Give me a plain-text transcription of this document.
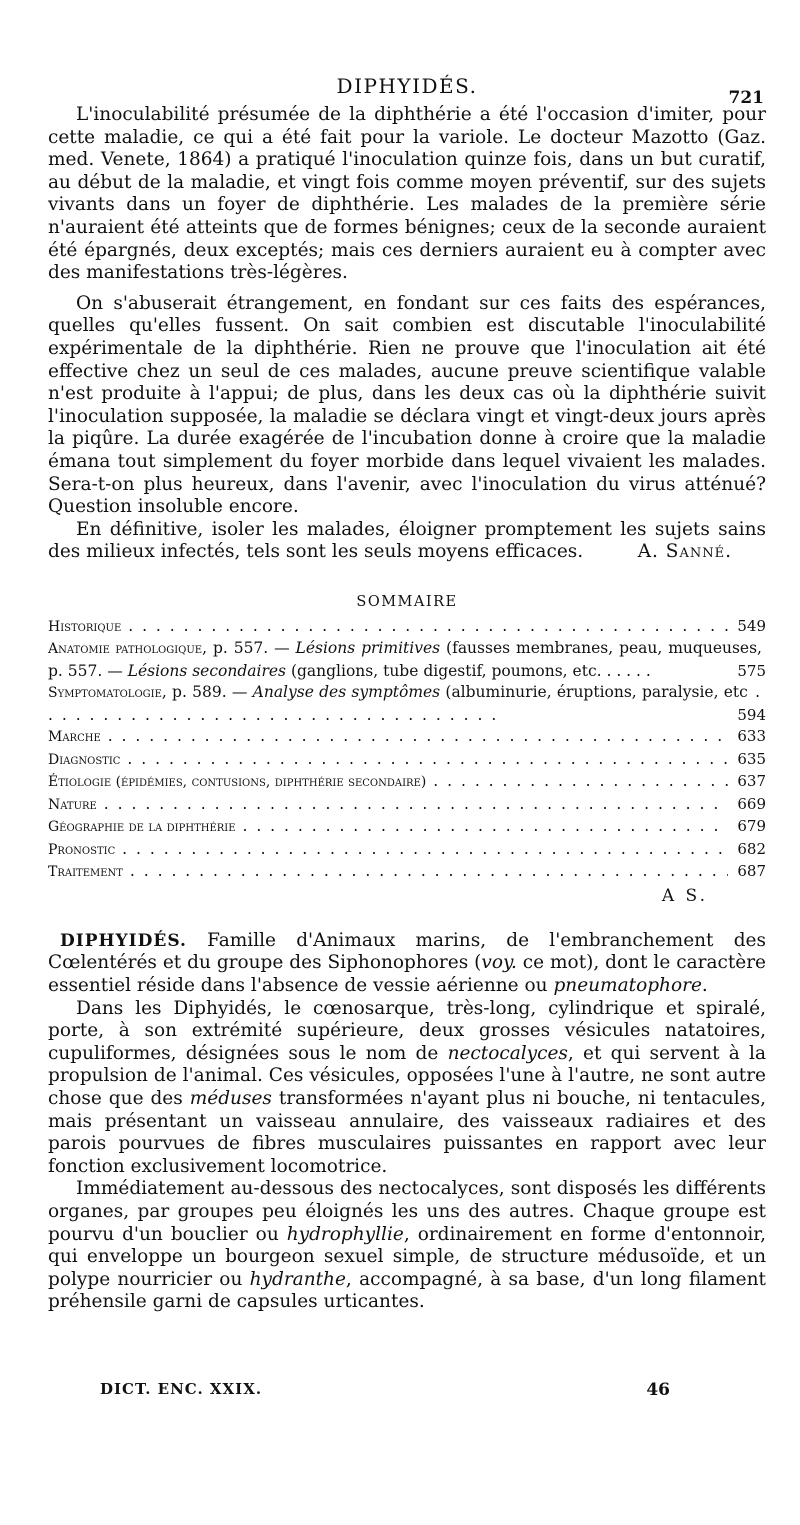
DIPHYIDÉS.	721

L'inoculabilité présumée de la diphthérie a été l'occasion d'imiter, pour cette maladie, ce qui a été fait pour la variole. Le docteur Mazotto (Gaz. med. Venete, 1864) a pratiqué l'inoculation quinze fois, dans un but curatif, au début de la maladie, et vingt fois comme moyen préventif, sur des sujets vivants dans un foyer de diphthérie. Les malades de la première série n'auraient été atteints que de formes bénignes; ceux de la seconde auraient été épargnés, deux exceptés; mais ces derniers auraient eu à compter avec des manifestations très-légères.

On s'abuserait étrangement, en fondant sur ces faits des espérances, quelles qu'elles fussent. On sait combien est discutable l'inoculabilité expérimentale de la diphthérie. Rien ne prouve que l'inoculation ait été effective chez un seul de ces malades, aucune preuve scientifique valable n'est produite à l'appui; de plus, dans les deux cas où la diphthérie suivit l'inoculation supposée, la maladie se déclara vingt et vingt-deux jours après la piqûre. La durée exagérée de l'incubation donne à croire que la maladie émana tout simplement du foyer morbide dans lequel vivaient les malades. Sera-t-on plus heureux, dans l'avenir, avec l'inoculation du virus atténué? Question insoluble encore.

En définitive, isoler les malades, éloigner promptement les sujets sains des milieux infectés, tels sont les seuls moyens efficaces.	A. Sanné.

SOMMAIRE
Historique . . .	549
Anatomie pathologique, p. 557. — Lésions primitives (fausses membranes, peau, muqueuses, p. 557. — Lésions secondaires (ganglions, tube digestif, poumons, etc. . . . . .	575
Symptomatologie, p. 589. — Analyse des symptômes (albuminurie, éruptions, paralysie, etc . . . . . . . . . . . . . . . . . . . . . . . . . . . . . . . . . .	594
Marche . . .	633
Diagnostic . . .	635
Étiologie (épidémies, contusions, diphthérie secondaire) . . .	637
Nature . . .	669
Géographie de la diphthérie . . .	679
Pronostic . . .	682
Traitement . . .	687
A S.

DIPHYIDÉS. Famille d'Animaux marins, de l'embranchement des Cœlentérés et du groupe des Siphonophores (voy. ce mot), dont le caractère essentiel réside dans l'absence de vessie aérienne ou pneumatophore.

Dans les Diphyidés, le cœnosarque, très-long, cylindrique et spiralé, porte, à son extrémité supérieure, deux grosses vésicules natatoires, cupuliformes, désignées sous le nom de nectocalyces, et qui servent à la propulsion de l'animal. Ces vésicules, opposées l'une à l'autre, ne sont autre chose que des méduses transformées n'ayant plus ni bouche, ni tentacules, mais présentant un vaisseau annulaire, des vaisseaux radiaires et des parois pourvues de fibres musculaires puissantes en rapport avec leur fonction exclusivement locomotrice.

Immédiatement au-dessous des nectocalyces, sont disposés les différents organes, par groupes peu éloignés les uns des autres. Chaque groupe est pourvu d'un bouclier ou hydrophyllie, ordinairement en forme d'entonnoir, qui enveloppe un bourgeon sexuel simple, de structure médusoïde, et un polype nourricier ou hydranthe, accompagné, à sa base, d'un long filament préhensile garni de capsules urticantes.

DICT. ENC. XXIX.	46
